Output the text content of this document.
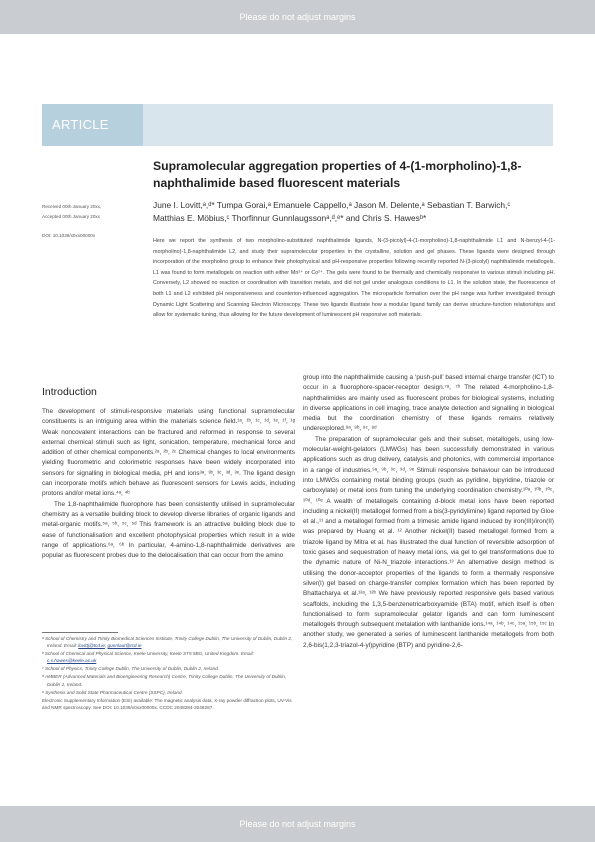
Please do not adjust margins
ARTICLE
Supramolecular aggregation properties of 4-(1-morpholino)-1,8-naphthalimide based fluorescent materials
June I. Lovitt,ᵃ,ᵈ* Tumpa Gorai,ᵃ Emanuele Cappello,ᵃ Jason M. Delente,ᵃ Sebastian T. Barwich,ᶜ
Matthias E. Möbius,ᶜ Thorfinnur Gunnlaugssonᵃ,ᵈ,ᵉ* and Chris S. Hawesᵇ*
Received 00th January 20xx,
Accepted 00th January 20xx
DOI: 10.1039/x0xx00000x
Here we report the synthesis of two morpholino-substituted naphthalimide ligands, N-(3-picolyl)-4-(1-morpholino)-1,8-naphthalimide L1 and N-benzyl-4-(1-morpholino)-1,8-naphthalimide L2, and study their supramolecular properties in the crystalline, solution and gel phases. These ligands were designed through incorporation of the morpholino group to enhance their photophysical and pH-responsive properties following recently reported N-(3-picolyl) naphthalimide metallogels. L1 was found to form metallogels on reaction with either Mn²⁺ or Co²⁺. The gels were found to be thermally and chemically responsive to various stimuli including pH. Conversely, L2 showed no reaction or coordination with transition metals, and did not gel under analogous conditions to L1. In the solution state, the fluorescence of both L1 and L2 exhibited pH responsiveness and counterion-influenced aggregation. The microparticle formation over the pH range was further investigated through Dynamic Light Scattering and Scanning Electron Microscopy. These two ligands illustrate how a modular ligand family can derive structure-function relationships and allow for systematic tuning, thus allowing for the future development of luminescent pH responsive soft materials.
Introduction

The development of stimuli-responsive materials using functional supramolecular constituents is an intriguing area within the materials science field.¹ᵃ, ¹ᵇ, ¹ᶜ, ¹ᵈ, ¹ᵉ, ¹ᶠ, ¹ᵍ Weak noncovalent interactions can be fractured and reformed in response to several external chemical stimuli such as light, sonication, temperature, mechanical force and addition of other chemical components.²ᵃ, ²ᵇ, ²ᶜ Chemical changes to local environments yielding fluorometric and colorimetric responses have been widely incorporated into sensors for signalling in biological media, pH and ions³ᵃ, ³ᵇ, ³ᶜ, ³ᵈ, ³ᵉ. The ligand design can incorporate motifs which behave as fluorescent sensors for Lewis acids, including protons and/or metal ions.⁴ᵃ, ⁴ᵇ

The 1,8-naphthalimide fluorophore has been consistently utilised in supramolecular chemistry as a versatile building block to develop diverse libraries of organic ligands and metal-organic motifs.⁵ᵃ, ⁵ᵇ, ⁵ᶜ, ⁵ᵈ This framework is an attractive building block due to ease of functionalisation and excellent photophysical properties which result in a wide range of applications.⁶ᵃ, ⁶ᵇ In particular, 4-amino-1,8-naphthalimide derivatives are popular as fluorescent probes due to the delocalisation that can occur from the amino

ᵃ School of Chemistry and Trinity Biomedical Sciences Institute, Trinity College Dublin, The University of Dublin, Dublin 2, Ireland. Email: lovittj@tcd.ie; gunnlaut@tcd.ie

ᵇ School of Chemical and Physical Science, Keele University, Keele ST5 5BG, United Kingdom. Email: c.s.hawes@keele.ac.uk

ᶜ School of Physics, Trinity College Dublin, The University of Dublin, Dublin 2, Ireland.

ᵈ AMBER (Advanced Materials and Bioengineering Research) Centre, Trinity College Dublin, The University of Dublin, Dublin 2, Ireland.

ᵉ Synthesis and Solid State Pharmaceutical Centre (SSPC), Ireland.

Electronic Supplementary Information (ESI) available: The magnetic analysis data, X-ray powder diffraction plots, UV-Vis and NMR spectroscopy. See DOI: 10.1039/x0xx00000x. CCDC 2048284-2048287.

group into the naphthalimide causing a ‘push-pull’ based internal charge transfer (ICT) to occur in a fluorophore-spacer-receptor design.⁷ᵃ, ⁷ᵇ The related 4-morpholino-1,8-naphthalimides are mainly used as fluorescent probes for biological systems, including in diverse applications in cell imaging, trace analyte detection and signalling in biological media but the coordination chemistry of these ligands remains relatively underexplored.⁸ᵃ, ⁸ᵇ, ⁸ᶜ, ⁸ᵈ

The preparation of supramolecular gels and their subset, metallogels, using low-molecular-weight-gelators (LMWGs) has been successfully demonstrated in various applications such as drug delivery, catalysis and photonics, with commercial importance in a range of industries.⁹ᵃ, ⁹ᵇ, ⁹ᶜ, ⁹ᵈ, ⁹ᵉ Stimuli responsive behaviour can be introduced into LMWGs containing metal binding groups (such as pyridine, bipyridine, triazole or carboxylate) or metal ions from tuning the underlying coordination chemistry.¹⁰ᵃ, ¹⁰ᵇ, ¹⁰ᶜ, ¹⁰ᵈ, ¹⁰ᵉ A wealth of metallogels containing d-block metal ions have been reported including a nickel(II) metallogel formed from a bis(3-pyridylimine) ligand reported by Gloe et al.,¹¹ and a metallogel formed from a trimesic amide ligand induced by iron(III)/iron(II) was prepared by Huang et al. ¹² Another nickel(II) based metallogel formed from a triazole ligand by Mitra et al. has illustrated the dual function of reversible adsorption of toxic gases and sequestration of heavy metal ions, via gel to gel transformations due to the dynamic nature of Ni-N_triazole interactions.¹³ An alternative design method is utilising the donor-acceptor properties of the ligands to form a thermally responsive silver(I) gel based on charge-transfer complex formation which has been reported by Bhattacharya et al.¹²ᵃ, ¹²ᵇ We have previously reported responsive gels based various scaffolds, including the 1,3,5-benzenetricarboxyamide (BTA) motif, which itself is often functionalised to form supramolecular gelator ligands and can form luminescent metallogels through subsequent metalation with lanthanide ions.¹⁴ᵃ, ¹⁴ᵇ, ¹⁴ᶜ, ¹⁵ᵃ, ¹⁵ᵇ, ¹⁵ᶜ In another study, we generated a series of luminescent lanthanide metallogels from both 2,6-bis(1,2,3-triazol-4-yl)pyridine (BTP) and pyridine-2,6-

Please do not adjust margins
